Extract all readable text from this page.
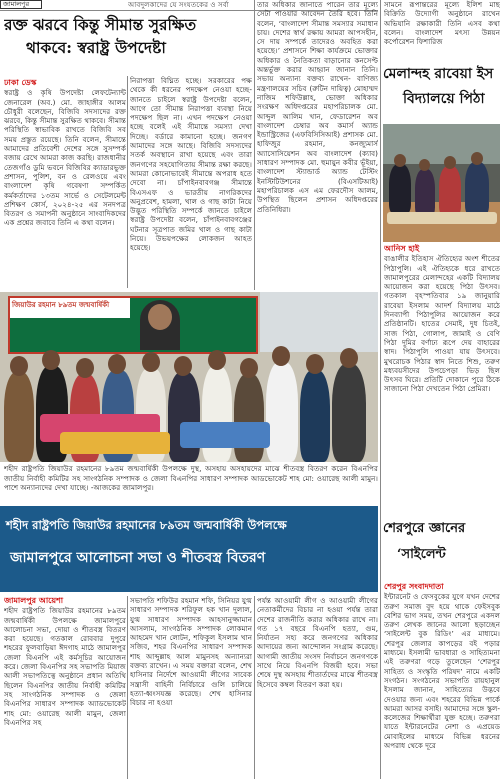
জামালপুর	আবদুলকাদের যে সংযতকের ও সর্বা
রক্ত ঝরবে কিন্তু সীমান্ত সুরক্ষিত
থাকবে: স্বরাষ্ট্র উপদেষ্টা
ঢাকা ডেস্ক

স্বরাষ্ট্র ও কৃষি উপদেষ্টা লেফটেন্যান্ট জেনারেল (অব.) মো. জাহাঙ্গীর আলম চৌধুরী বলেছেন, বিজিবি সদস্যদের রক্ত ঝরবে, কিন্তু সীমান্ত সুরক্ষিত থাকবে। সীমান্ত পরিস্থিতি স্বাভাবিক রাখতে বিজিবি সব সময় প্রস্তুত রয়েছে। তিনি বলেন, সীমান্তে আমাদের প্রতিবেশী দেশের সঙ্গে সুসম্পর্ক বজায় রেখে আমরা কাজ করছি। রাজধানীর তেজগাঁও ডুমি ভবনে বিজিবির ক্যাডারভুক্ত প্রশাসন, পুলিশ, বন ও রেলওয়ে এবং বাংলাদেশ কৃষি গবেষণা সম্পর্কিত কর্মকর্তাদের ১৩তম সার্ভে ও সেটেলমেন্ট প্রশিক্ষণ কোর্স, ২০২৪-২৫ এর সনদপত্র বিতরণ ও সমাপনী অনুষ্ঠানে সাংবাদিকদের এক প্রশ্নের জবাবে তিনি এ কথা বলেন।

নিরাপত্তা বিঘ্নিত হচ্ছে। সরকারের পক্ষ থেকে কী ধরনের পদক্ষেপ নেওয়া হচ্ছে- জানতে চাইলে স্বরাষ্ট্র উপদেষ্টা বলেন, আগে তো সীমান্ত নিরাপত্তা ব্যবস্থা নিয়ে পদক্ষেপ ছিল না। এখন পদক্ষেপ নেওয়া হচ্ছে বলেই এই সীমান্তে সমস্যা দেখা দিচ্ছে। বর্ডারে কামানো হচ্ছে। জনগণ আমাদের সঙ্গে আছে। বিজিবি সদস্যদের সতর্ক অবস্থানে রাখা হয়েছে এবং তারা জনগণের সহযোগিতায় সীমান্ত রক্ষা করছে। আমরা কোনোভাবেই সীমান্তে অপরাধ হতে দেবো না। চাঁপাইনবাবগঞ্জ সীমান্তে বিএসএফ ও ভারতীয় নাগরিকদের অনুপ্রবেশ, হামলা, খাল ও গাছ কাটা নিয়ে উদ্ভূত পরিস্থিতি সম্পর্কে জানতে চাইলে স্বরাষ্ট্র উপদেষ্টা বলেন, চাঁপাইনবাবগঞ্জের ঘটনার সূত্রপাত জমির খাল ও গাছ কাটা নিয়ে। উভয়পক্ষের লোকজন আহত হয়েছে।

তার অধিকার জানাতে পারেন তার মূল্যে সেটা পাওয়ার আবেদন তৈরি হবে। তিনি বলেন, ‘বাংলাদেশ সীমান্ত সমস্যার সমাধান চায়। দেশের স্বার্থ রক্ষায় আমরা আপসহীন, সে দায় সম্পর্কে তাদেরও অবহিত করা হয়েছে।’ প্রশাসনে শিক্ষা কার্যক্রমে ভোক্তার অধিকার ও নৈতিকতা বাড়ানোর কনসেপ্ট অন্তর্ভুক্ত করার আহ্বান জানান তিনি। সভায় অন্যান্য বক্তব্য রাখেন- বাণিজ্য মন্ত্রণালয়ের সচিব (রুটিন দায়িত্ব) মোহাম্মদ নাজিম শফিউল্লাহ, ভোক্তা অধিকার সংরক্ষণ অধিদপ্তরের মহাপরিচালক মো. আব্দুল আলিম খান, ফেডারেশন অব বাংলাদেশ চেম্বার অব কমার্স অ্যান্ড ইন্ডাস্ট্রিজের (এফবিসিসিআই) প্রশাসক মো. হাফিজুর রহমান, কনজ্যুমার্স অ্যাসোসিয়েশন অব বাংলাদেশ (ক্যাব) সাধারণ সম্পাদক মো. হুমায়ুন কবীর ভূঁইয়া, বাংলাদেশ স্ট্যান্ডার্ড অ্যান্ড টেস্টিং ইনস্টিটিউশনের (বিএসটিআই) মহাপরিচালক এস এম ফেরদৌস আলম, উপস্থিত ছিলেন প্রশাসন অধিদপ্তরের প্রতিনিধিরা।

সামনে রূপান্তরের মূল্যে ইলিশ মাছ বিক্রিতি উদ্যোগী অনুষ্ঠানে রাখেন অভিযানি রক্ষাকারী তিনি এসব কথা বলেন। বাংলাদেশ মৎস্য উন্নয়ন কর্পোরেশন ফিশারিজ

মেলান্দহ রাবেয়া ইস
বিদ্যালয়ে পিঠা
আনিস হাই

বাঙালীর ইতিহাস ঐতিহ্যের অংশ শীতের পিঠাপুলি। এই ঐতিহ্যকে ধরে রাখতে জামালপুরের মেলান্দহের একটি বিদ্যালয় আয়োজন করা হয়েছে পিঠা উৎসব। গতকাল বৃহস্পতিবার ১৯ জানুয়ারি রাবেয়া ইসলাম আদর্শ বিদ্যালয় মাঠে দিনব্যাপী পিঠাপুলির আয়োজন করে প্রতিষ্ঠানটি। হাতের সেমাই, দুধ চিতই, সাজ পিঠা, গোলাপ, জামাই ও বেণি পিঠা দুমির বর্ণাঢ্য রূপে দেয় বাহারের স্বাদ। পিঠাপুলি পাওয়া যায় উৎসবে। মুখরোচক পিঠার স্বাদ নিতে শিশু, তরুণ মধ্যবয়সীদের উপচেপড়া ভিড় ছিল উৎসব ঘিরে। প্রতিটি দোকানে পুরে ঠিকে সাজানো পিঠা দেখতেন পিঠা প্রেমিরা।

জিয়াউর রহমান ৮৯তম জন্মবার্ষিকী

শহীদ রাষ্ট্রপতি জিয়াউর রহমানের ৮৯তম জন্মবার্ষিকী উপলক্ষে দুস্থ, অসহায় অসহায়দের মাঝে শীতবস্ত্র বিতরণ করেন বিএনপির জাতীয় নির্বাহী কমিটির সহ সাংগঠনিক সম্পাদক ও জেলা বিএনপির সাধারণ সম্পাদক আডভোকেট শাহ মো: ওয়ারেছ আলী মামুন। পাশে অন্যান্যদের দেখা যাচ্ছে। -আজকের জামালপুর।

শহীদ রাষ্ট্রপতি জিয়াউর রহমানের ৮৯তম জন্মবার্ষিকী উপলক্ষে
জামালপুরে আলোচনা সভা ও শীতবস্ত্র বিতরণ
শেরপুরে জ্ঞানের
‘সাইলেন্ট
জামালপুর আয়েশা

শহীদ রাষ্ট্রপতি জিয়াউর রহমানের ৮৯তম জন্মবার্ষিকী উপলক্ষে জামালপুরে আলোচনা সভা, দোয়া ও শীতবস্ত্র বিতরণ করা হয়েছে। গতকাল রোববার দুপুরে শহরের ফুলবাড়িয়া ঈদগাহ মাঠে জামালপুর জেলা বিএনপি এই কর্মসূচির আয়োজন করে। জেলা বিএনপির সহ সভাপতি মিয়াজ আলী সভাপতিত্বে অনুষ্ঠানে প্রধান অতিথি ছিলেন বিএনপির জাতীয় নির্বাহী কমিটির সহ সাংগঠনিক সম্পাদক ও জেলা বিএনপির সাধারণ সম্পাদক অ্যাডভোকেট শাহ মো: ওয়ারেছ আলী মামুন, জেলা বিএনপির সহ

সভাপতি শফিউর রহমান শফি, সিনিয়র যুগ্ম সাধারণ সম্পাদক শরিফুল হক খান দুলাল, যুগ্ম সাধারণ সম্পাদক আহসানুজ্জামান আসলাম, সাংগঠনিক সম্পাদক লোকমান আহমেদ খান লোটন, শফিকুল ইসলাম খান সজিব, শহর বিএনপির সাধারণ সম্পাদক শাহ আব্দুল্লাহ আল মামুনসহ অন্যান্যরা বক্তব্য রাখেন। এ সময় বক্তারা বলেন, শেখ হাসিনার নির্দেশে আওয়ামী লীগের সাবেক সন্ত্রাসী বাহিনী নির্বিচারে গুলি চালিয়ে হত্যা-ধ্বংসযজ্ঞ করেছে। শেখ হাসিনার বিচার না হওয়া

পর্যন্ত আওয়ামী লীগ ও আওয়ামী লীগের নেতাকর্মীদের বিচার না হওয়া পর্যন্ত তারা দেশের রাজনীতি করার অধিকার রাখে না। গত ১৭ বছরে বিএনপি হত্যা, গুম, নির্যাতন সহ্য করে জনগণের অধিকার আদায়ের জন্য আন্দোলন সংগ্রাম করেছে। আগামী জাতীয় সংসদ নির্বাচনে জনগণকে সাথে নিয়ে বিএনপি বিজয়ী হবে। সভা শেষে দুস্থ অসহায় শীতার্তদের মাঝে শীতবস্ত্র হিসেবে কম্বল বিতরণ করা হয়।

শেরপুর সংবাদদাতা

ইন্টারনেট ও ফেসবুকের যুগে যখন দেশের তরুণ সমাজ বুদ হয়ে থাকে ফেইসবুক বেশির ভাগ সময়, তখন শেরপুরে একদল তরুণ লেখক জানের আলো ছড়াচ্ছেন ‘সাইলেন্ট বুক রিডিং’ এর মাধ্যমে। শেরপুর জেলার কাপড়ের বই পড়ার মাধ্যমে। ইসলামী ভাবধারা ও সাহিত্যমনা এই তরুণরা গড়ে তুলেছেন ‘শেরপুর সাহিত্য ও সংস্কৃতি পরিষদ’ নামে একটি সংগঠন। সংগঠনের সভাপতি রায়হানুল ইসলাম জানান, সাহিত্যের উদ্ভবে দেওয়ার জন্য এবং শহরের বিভিন্ন পার্কে আমরা আসর বসাই। আমাদের সঙ্গে স্কুল-কলেজের শিক্ষার্থীরা যুক্ত হচ্ছে। তরুণরা যাতে ইন্টারনেটের নেশা ও এপ্রয়েড মোবাইলের মাধ্যমে বিভিন্ন ধরনের অপরাধ থেকে দূরে
